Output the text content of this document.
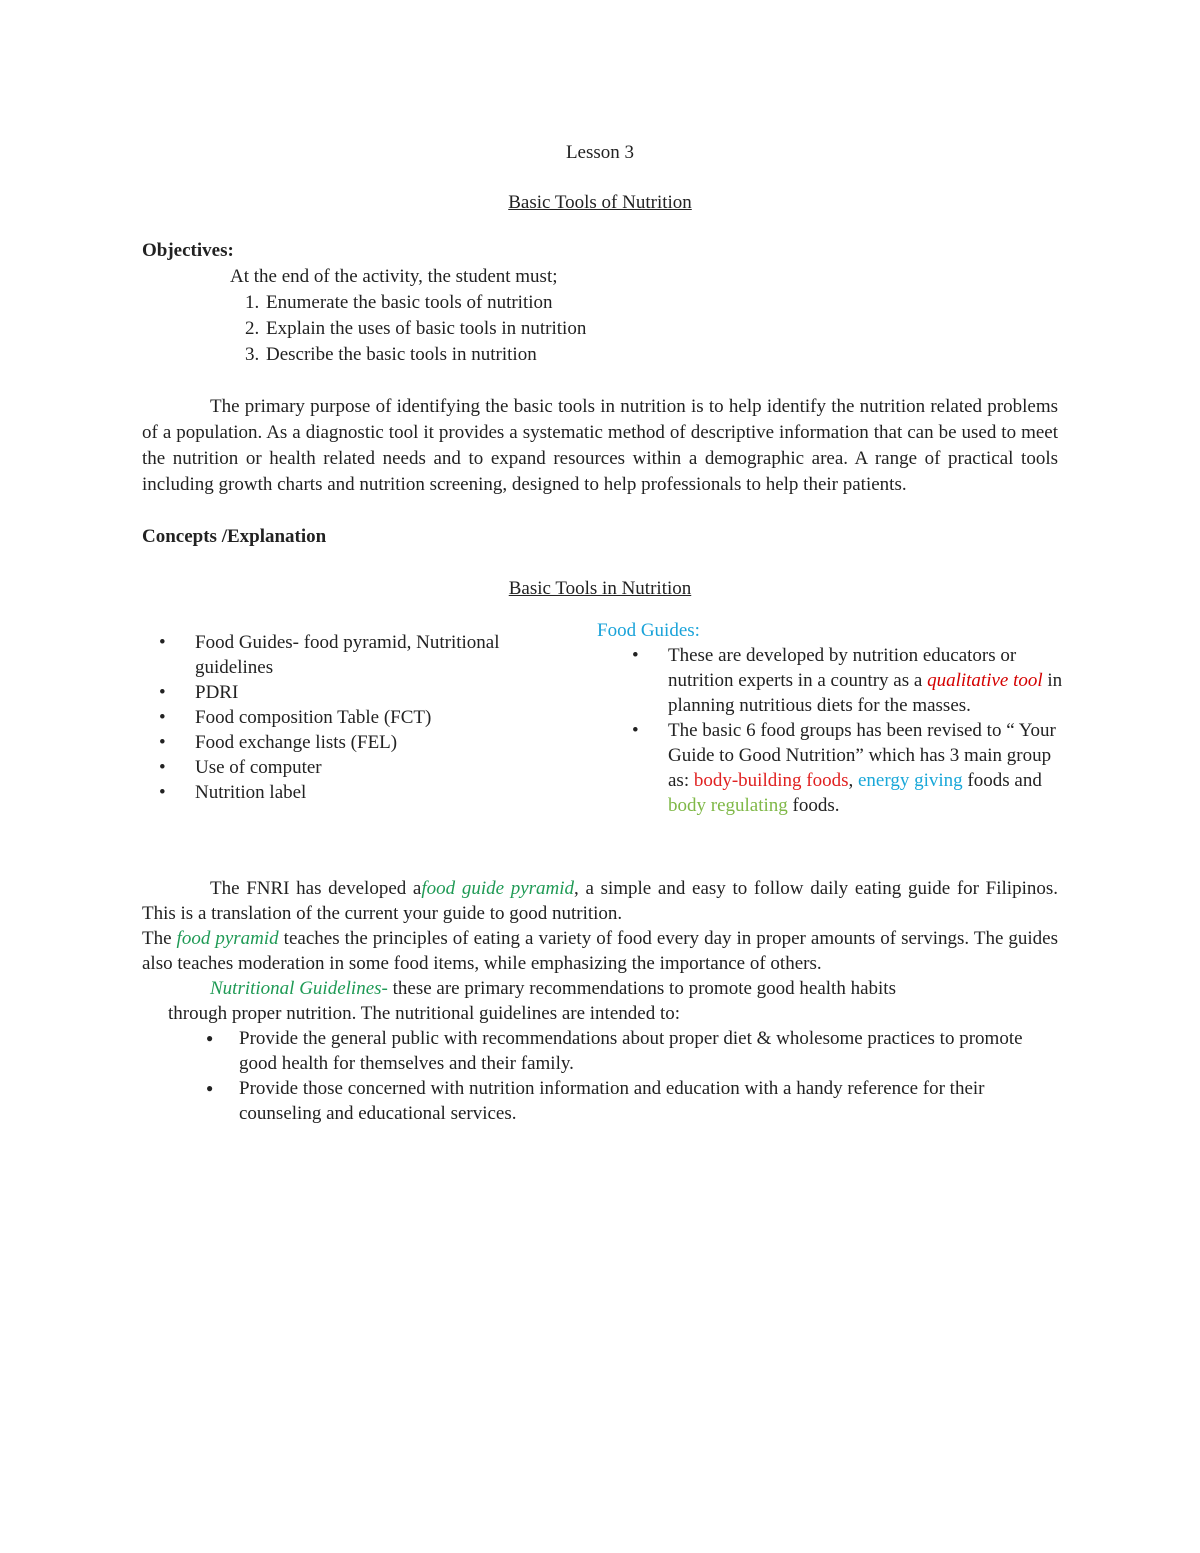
Lesson 3

Basic Tools of Nutrition

Objectives:

At the end of the activity, the student must;

1. Enumerate the basic tools of nutrition
2. Explain the uses of basic tools in nutrition
3. Describe the basic tools in nutrition

The primary purpose of identifying the basic tools in nutrition is to help identify the nutrition related problems of a population. As a diagnostic tool it provides a systematic method of descriptive information that can be used to meet the nutrition or health related needs and to expand resources within a demographic area. A range of practical tools including growth charts and nutrition screening, designed to help professionals to help their patients.

Concepts /Explanation

Basic Tools in Nutrition

• Food Guides- food pyramid, Nutritional guidelines
• PDRI
• Food composition Table (FCT)
• Food exchange lists (FEL)
• Use of computer
• Nutrition label

Food Guides:

• These are developed by nutrition educators or nutrition experts in a country as a qualitative tool in planning nutritious diets for the masses.
• The basic 6 food groups has been revised to “ Your Guide to Good Nutrition” which has 3 main group as: body-building foods, energy giving foods and body regulating foods.

The FNRI has developed afood guide pyramid, a simple and easy to follow daily eating guide for Filipinos. This is a translation of the current your guide to good nutrition.

The food pyramid teaches the principles of eating a variety of food every day in proper amounts of servings. The guides also teaches moderation in some food items, while emphasizing the importance of others.

Nutritional Guidelines- these are primary recommendations to promote good health habits

through proper nutrition. The nutritional guidelines are intended to:

● Provide the general public with recommendations about proper diet & wholesome practices to promote good health for themselves and their family.
● Provide those concerned with nutrition information and education with a handy reference for their counseling and educational services.
